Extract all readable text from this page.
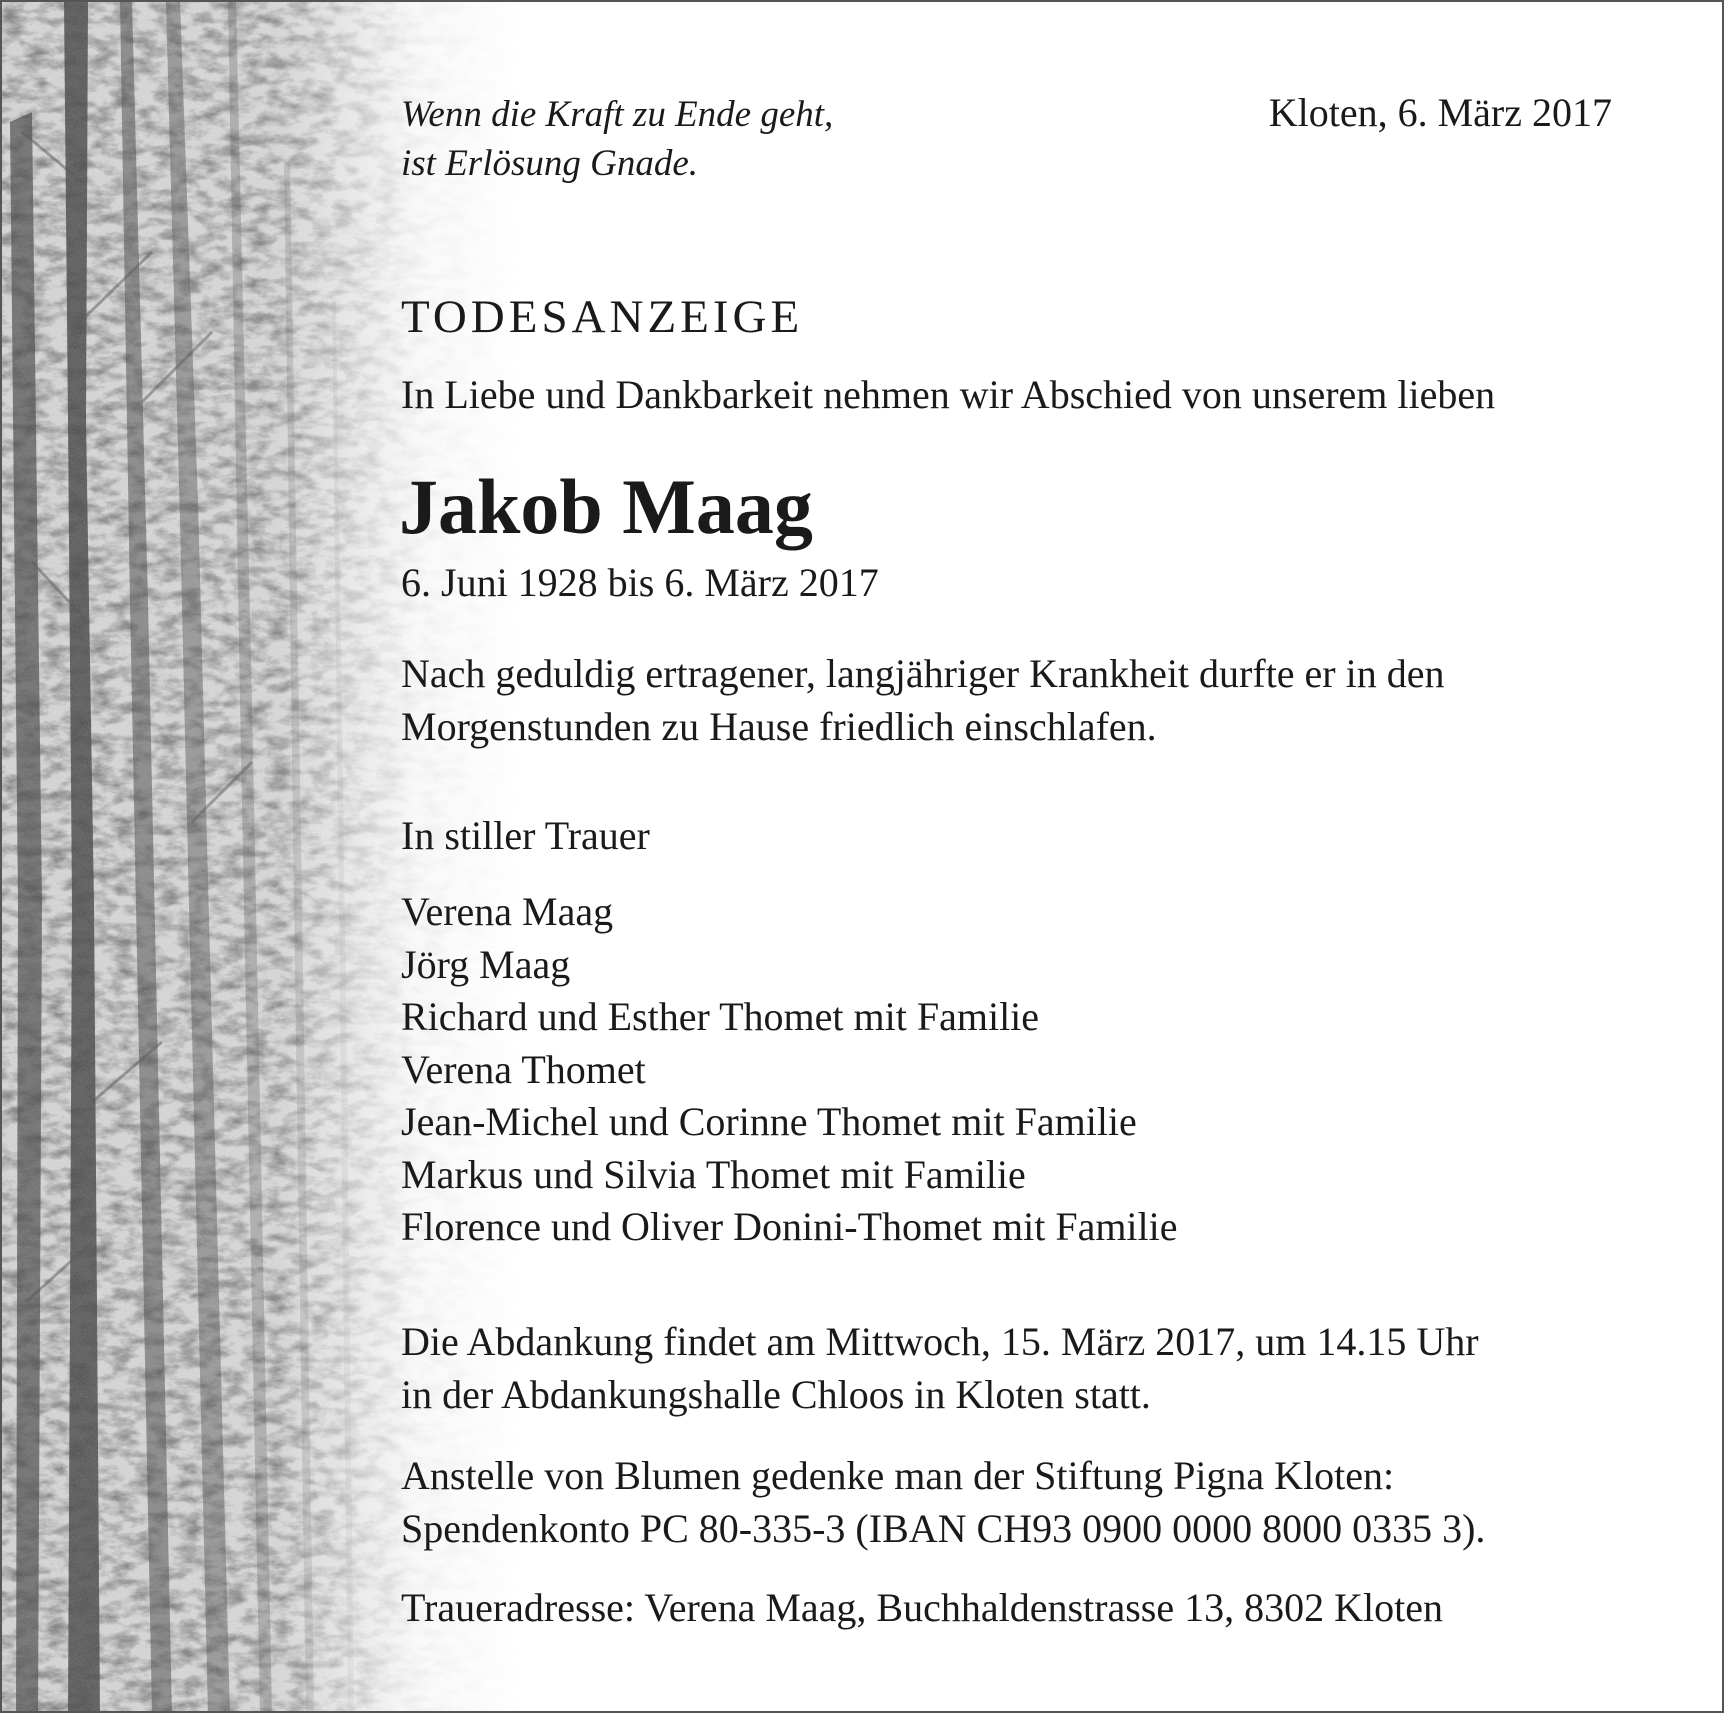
Wenn die Kraft zu Ende geht,
ist Erlösung Gnade.

Kloten, 6. März 2017

TODESANZEIGE

In Liebe und Dankbarkeit nehmen wir Abschied von unserem lieben

Jakob Maag

6. Juni 1928 bis 6. März 2017

Nach geduldig ertragener, langjähriger Krankheit durfte er in den
Morgenstunden zu Hause friedlich einschlafen.

In stiller Trauer

Verena Maag
Jörg Maag
Richard und Esther Thomet mit Familie
Verena Thomet
Jean-Michel und Corinne Thomet mit Familie
Markus und Silvia Thomet mit Familie
Florence und Oliver Donini-Thomet mit Familie

Die Abdankung findet am Mittwoch, 15. März 2017, um 14.15 Uhr
in der Abdankungshalle Chloos in Kloten statt.

Anstelle von Blumen gedenke man der Stiftung Pigna Kloten:
Spendenkonto PC 80-335-3 (IBAN CH93 0900 0000 8000 0335 3).

Traueradresse: Verena Maag, Buchhaldenstrasse 13, 8302 Kloten
